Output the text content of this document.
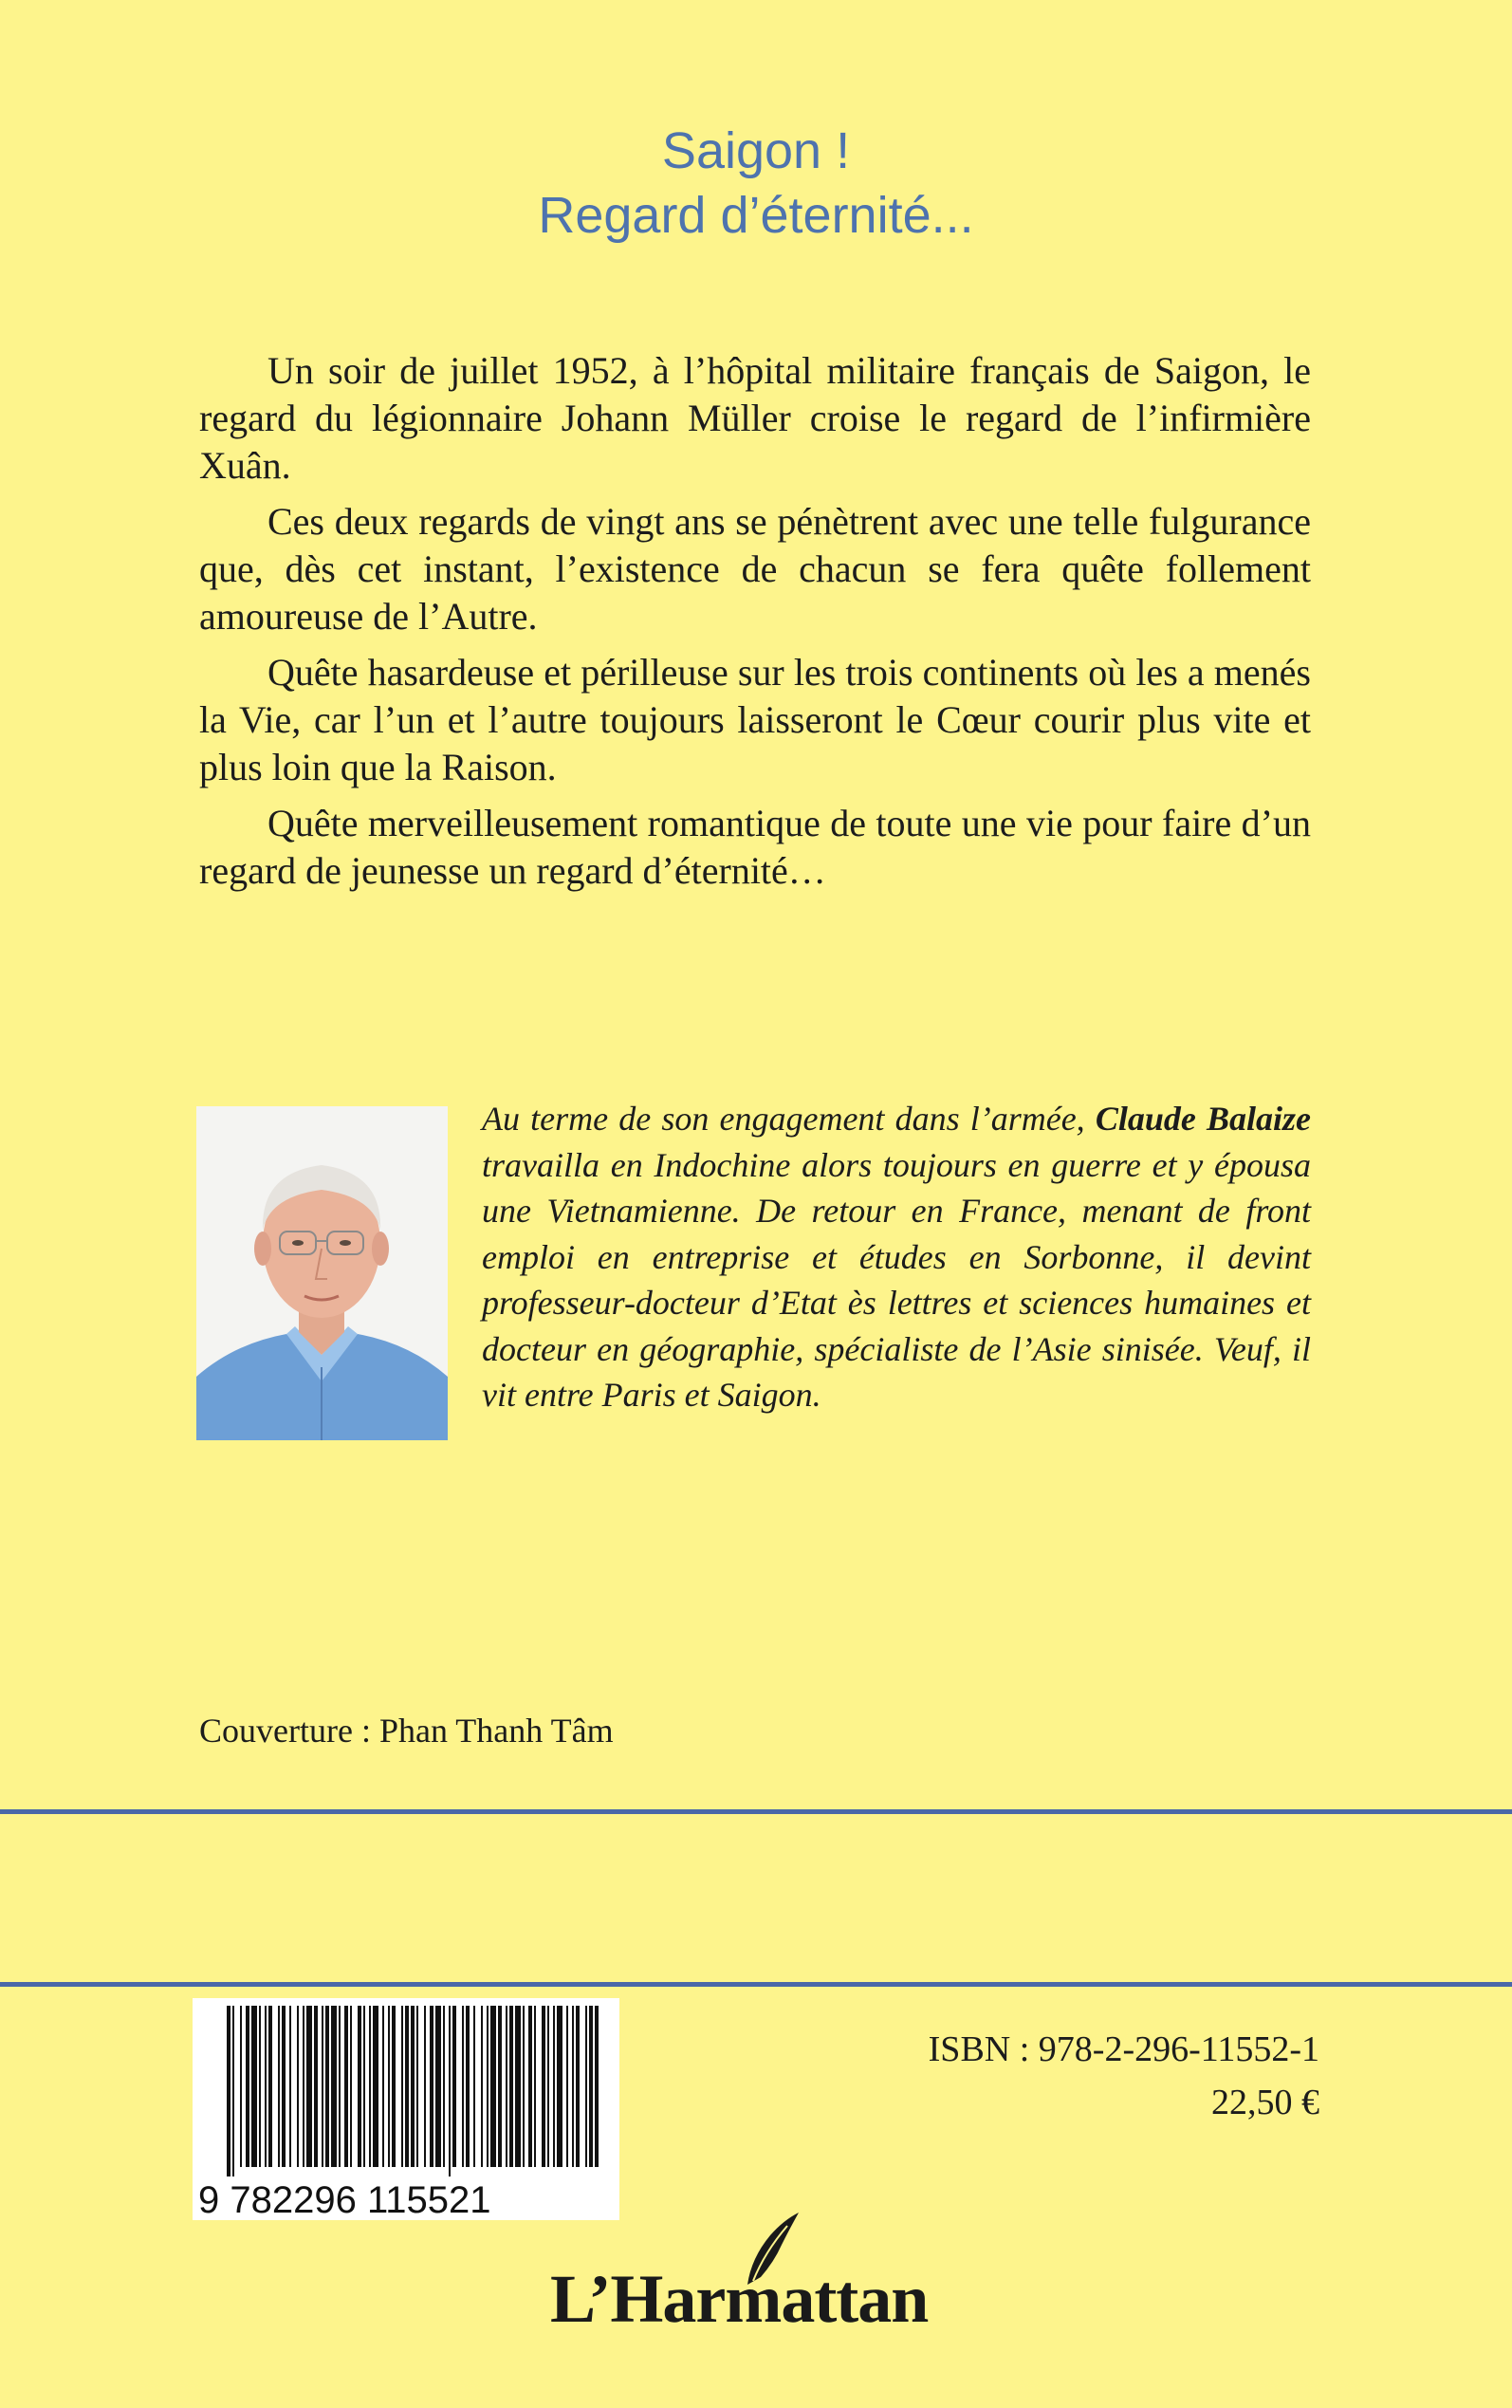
Saigon !
Regard d’éternité...

Un soir de juillet 1952, à l’hôpital militaire français de Saigon, le regard du légionnaire Johann Müller croise le regard de l’infirmière Xuân.

Ces deux regards de vingt ans se pénètrent avec une telle fulgurance que, dès cet instant, l’existence de chacun se fera quête follement amoureuse de l’Autre.

Quête hasardeuse et périlleuse sur les trois continents où les a menés la Vie, car l’un et l’autre toujours laisseront le Cœur courir plus vite et plus loin que la Raison.

Quête merveilleusement romantique de toute une vie pour faire d’un regard de jeunesse un regard d’éternité…

Au terme de son engagement dans l’armée, Claude Balaize travailla en Indochine alors toujours en guerre et y épousa une Vietnamienne. De retour en France, menant de front emploi en entreprise et études en Sorbonne, il devint professeur-docteur d’Etat ès lettres et sciences humaines et docteur en géographie, spécialiste de l’Asie sinisée. Veuf, il vit entre Paris et Saigon.
Couverture : Phan Thanh Tâm
9 782296 115521
ISBN : 978-2-296-11552-1
22,50 €
L’Harmattan
